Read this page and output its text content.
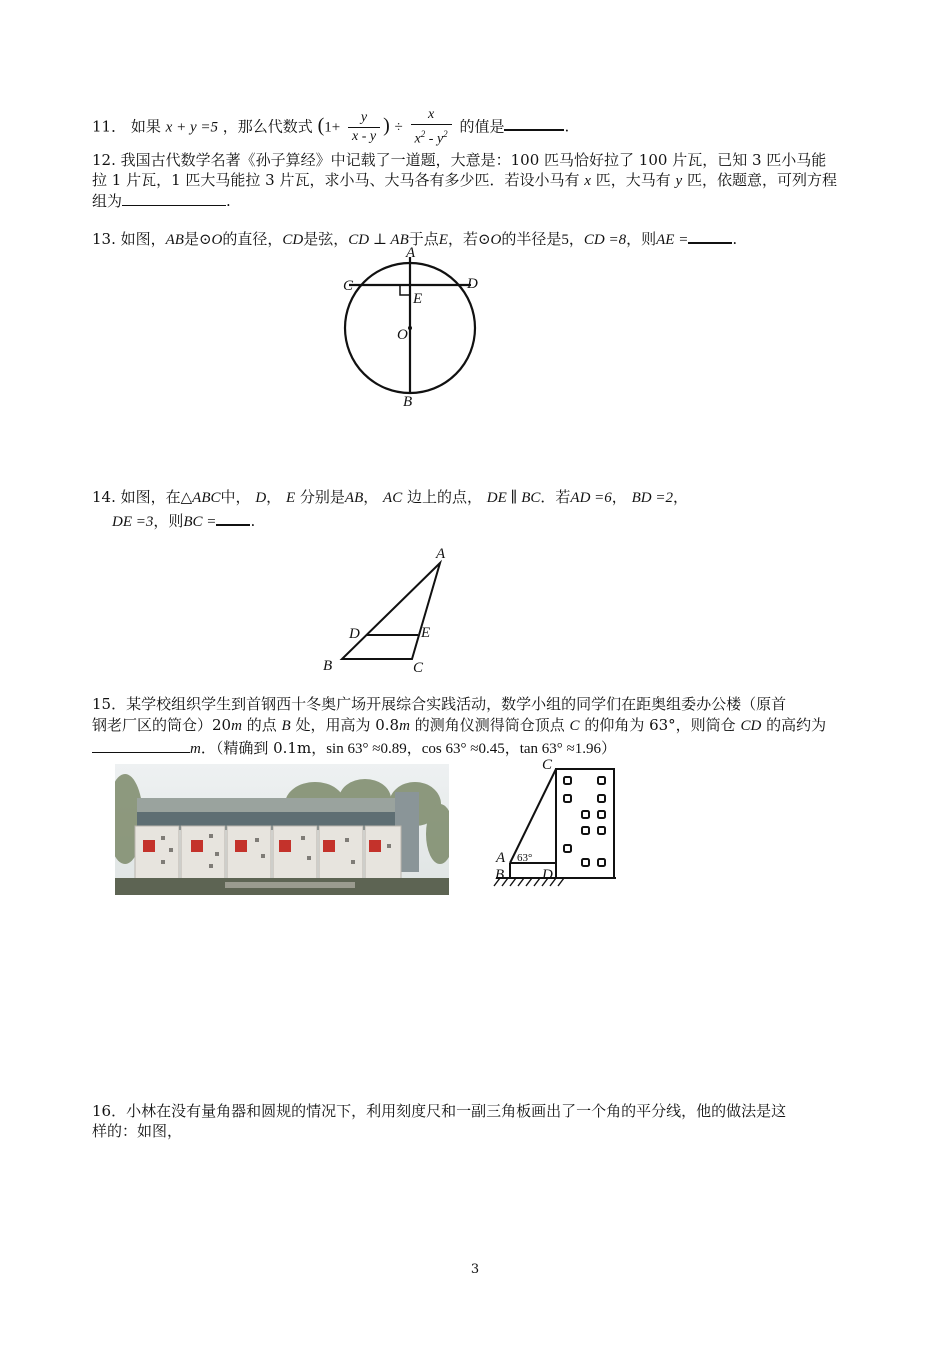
11． 如果 x + y =5 ，那么代数式 ($1+ \frac{y}{x - y}$ ) ÷ $\frac{x}{x^2 - y^2}$ 的值是	.
12. 我国古代数学名著《孙子算经》中记载了一道题，大意是：100 匹马恰好拉了 100 片瓦，已知 3 匹小马能
拉 1 片瓦，1 匹大马能拉 3 片瓦，求小马、大马各有多少匹．若设小马有 x 匹，大马有 y 匹，依题意，可列方程
组为	.
13. 如图，AB是⊙O的直径，CD是弦，CD ⊥ AB于点E，若⊙O的半径是5，CD =8，则AE =	.
A
C	D
E
O
B
14. 如图，在△ABC中， D， E 分别是AB， AC 边上的点， DE ∥ BC．若AD =6， BD =2，
DE =3，则BC = .
A
D	E
B	C
15．某学校组织学生到首钢西十冬奥广场开展综合实践活动，数学小组的同学们在距奥组委办公楼（原首
钢老厂区的筒仓）20m 的点 B 处，用高为 0.8m 的测角仪测得筒仓顶点 C 的仰角为 63°，则筒仓 CD 的高约为
m．（精确到 0.1m，sin 63° ≈0.89，cos 63° ≈0.45，tan 63° ≈1.96）
C
A 63°
B	D
16．小林在没有量角器和圆规的情况下，利用刻度尺和一副三角板画出了一个角的平分线，他的做法是这
样的：如图，
3
